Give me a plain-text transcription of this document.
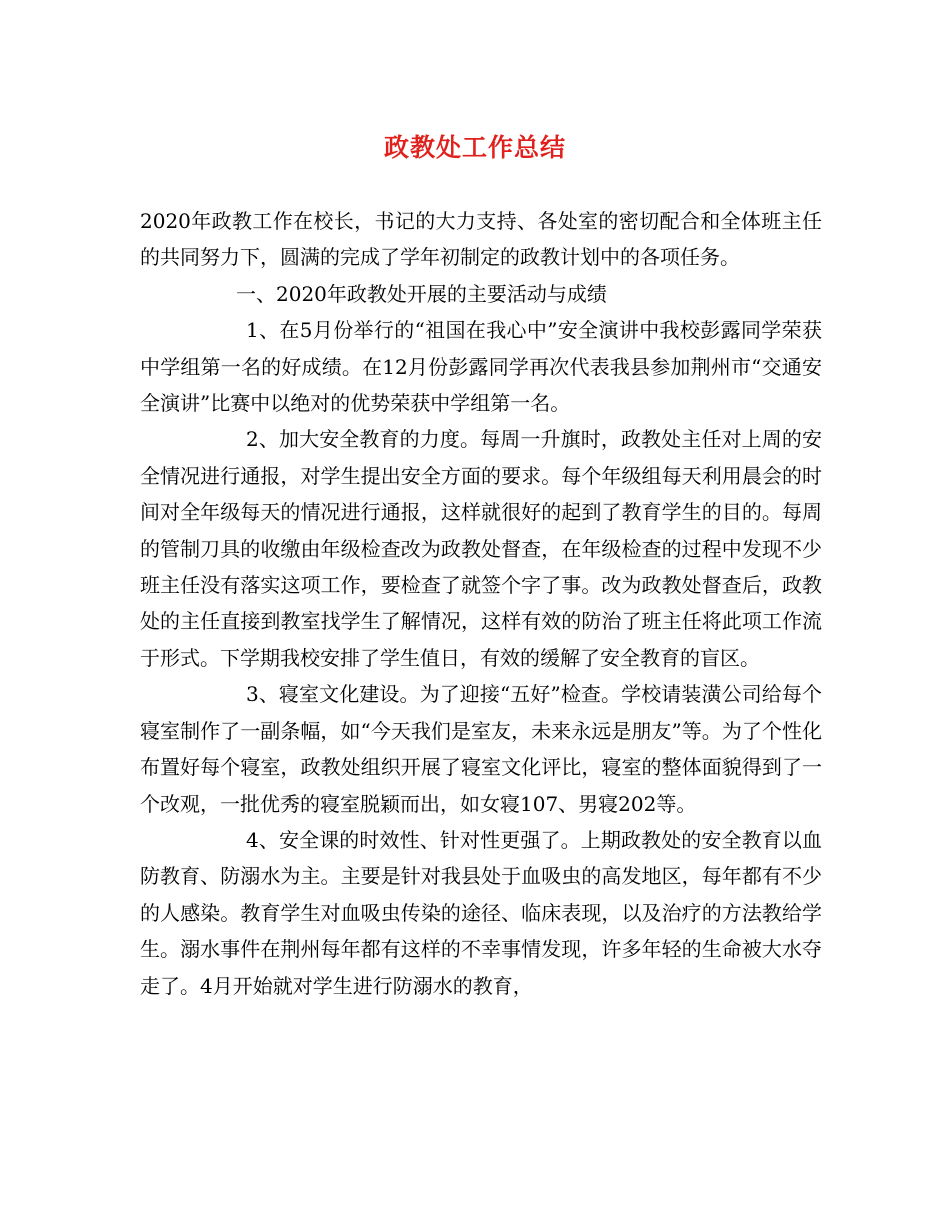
政教处工作总结

2020年政教工作在校长，书记的大力支持、各处室的密切配合和全体班主任的共同努力下，圆满的完成了学年初制定的政教计划中的各项任务。

一、2020年政教处开展的主要活动与成绩

1、在5月份举行的“祖国在我心中”安全演讲中我校彭露同学荣获中学组第一名的好成绩。在12月份彭露同学再次代表我县参加荆州市“交通安全演讲”比赛中以绝对的优势荣获中学组第一名。

2、加大安全教育的力度。每周一升旗时，政教处主任对上周的安全情况进行通报，对学生提出安全方面的要求。每个年级组每天利用晨会的时间对全年级每天的情况进行通报，这样就很好的起到了教育学生的目的。每周的管制刀具的收缴由年级检查改为政教处督查，在年级检查的过程中发现不少班主任没有落实这项工作，要检查了就签个字了事。改为政教处督查后，政教处的主任直接到教室找学生了解情况，这样有效的防治了班主任将此项工作流于形式。下学期我校安排了学生值日，有效的缓解了安全教育的盲区。

3、寝室文化建设。为了迎接“五好”检查。学校请装潢公司给每个寝室制作了一副条幅，如“今天我们是室友，未来永远是朋友”等。为了个性化布置好每个寝室，政教处组织开展了寝室文化评比，寝室的整体面貌得到了一个改观，一批优秀的寝室脱颖而出，如女寝107、男寝202等。

4、安全课的时效性、针对性更强了。上期政教处的安全教育以血防教育、防溺水为主。主要是针对我县处于血吸虫的高发地区，每年都有不少的人感染。教育学生对血吸虫传染的途径、临床表现，以及治疗的方法教给学生。溺水事件在荆州每年都有这样的不幸事情发现，许多年轻的生命被大水夺走了。4月开始就对学生进行防溺水的教育，
